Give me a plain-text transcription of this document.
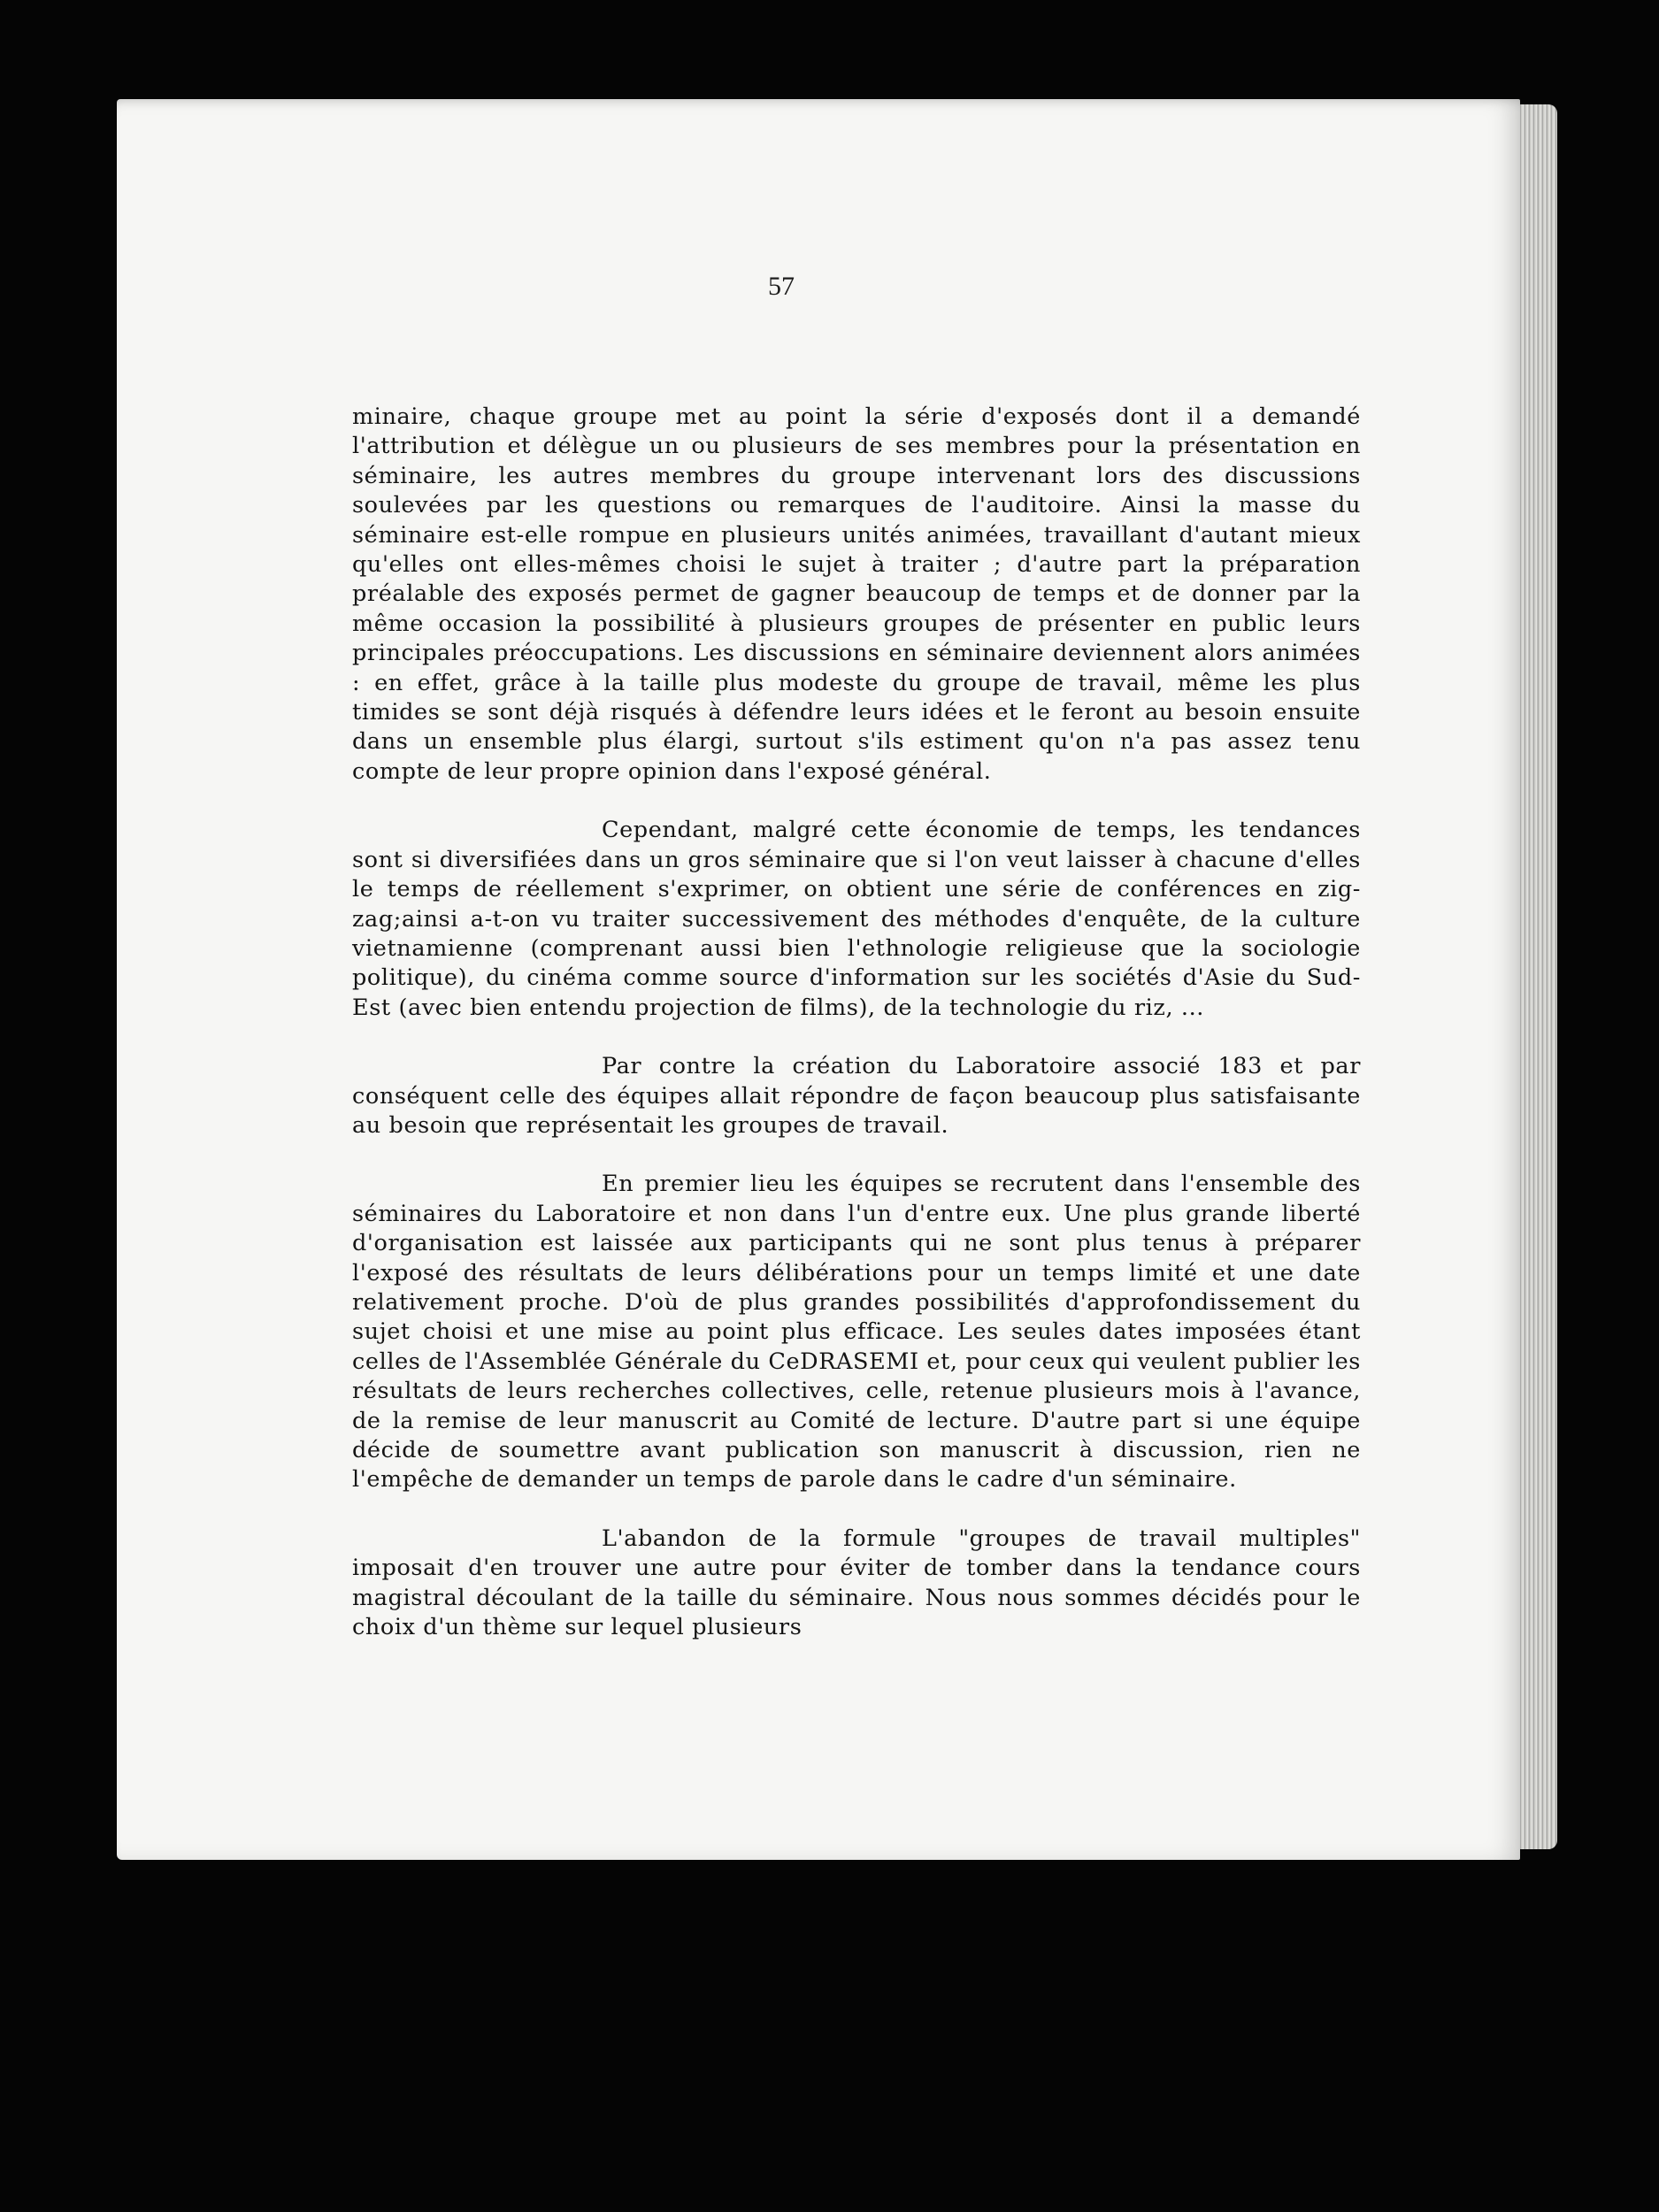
57

minaire, chaque groupe met au point la série d'exposés dont il a demandé l'attribution et délègue un ou plusieurs de ses membres pour la présentation en séminaire, les autres membres du groupe intervenant lors des discussions soulevées par les questions ou remarques de l'auditoire. Ainsi la masse du séminaire est-elle rompue en plusieurs unités animées, travaillant d'autant mieux qu'elles ont elles-mêmes choisi le sujet à traiter ; d'autre part la préparation préalable des exposés permet de gagner beaucoup de temps et de donner par la même occasion la possibilité à plusieurs groupes de présenter en public leurs principales préoccupations. Les discussions en séminaire deviennent alors animées : en effet, grâce à la taille plus modeste du groupe de travail, même les plus timides se sont déjà risqués à défendre leurs idées et le feront au besoin ensuite dans un ensemble plus élargi, surtout s'ils estiment qu'on n'a pas assez tenu compte de leur propre opinion dans l'exposé général.

Cependant, malgré cette économie de temps, les tendances sont si diversifiées dans un gros séminaire que si l'on veut laisser à chacune d'elles le temps de réellement s'exprimer, on obtient une série de conférences en zig-zag;ainsi a-t-on vu traiter successivement des méthodes d'enquête, de la culture vietnamienne (comprenant aussi bien l'ethnologie religieuse que la sociologie politique), du cinéma comme source d'information sur les sociétés d'Asie du Sud-Est (avec bien entendu projection de films), de la technologie du riz, ...

Par contre la création du Laboratoire associé 183 et par conséquent celle des équipes allait répondre de façon beaucoup plus satisfaisante au besoin que représentait les groupes de travail.

En premier lieu les équipes se recrutent dans l'ensemble des séminaires du Laboratoire et non dans l'un d'entre eux. Une plus grande liberté d'organisation est laissée aux participants qui ne sont plus tenus à préparer l'exposé des résultats de leurs délibérations pour un temps limité et une date relativement proche. D'où de plus grandes possibilités d'approfondissement du sujet choisi et une mise au point plus efficace. Les seules dates imposées étant celles de l'Assemblée Générale du CeDRASEMI et, pour ceux qui veulent publier les résultats de leurs recherches collectives, celle, retenue plusieurs mois à l'avance, de la remise de leur manuscrit au Comité de lecture. D'autre part si une équipe décide de soumettre avant publication son manuscrit à discussion, rien ne l'empêche de demander un temps de parole dans le cadre d'un séminaire.

L'abandon de la formule "groupes de travail multiples" imposait d'en trouver une autre pour éviter de tomber dans la tendance cours magistral découlant de la taille du séminaire. Nous nous sommes décidés pour le choix d'un thème sur lequel plusieurs
